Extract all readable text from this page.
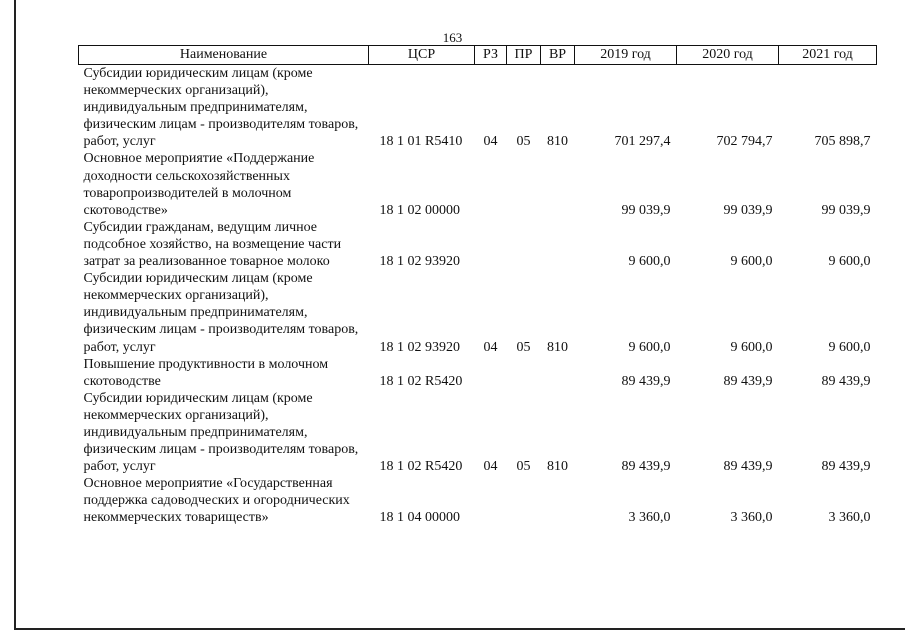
163
Наименование	ЦСР	РЗ	ПР	ВР	2019 год	2020 год	2021 год
Субсидии юридическим лицам (кроме некоммерческих организаций), индивидуальным предпринимателям, физическим лицам - производителям товаров, работ, услуг	18 1 01 R5410	04	05	810	701 297,4	702 794,7	705 898,7
Основное мероприятие «Поддержание доходности сельскохозяйственных товаропроизводителей в молочном скотоводстве»	18 1 02 00000				99 039,9	99 039,9	99 039,9
Субсидии гражданам, ведущим личное подсобное хозяйство, на возмещение части затрат за реализованное товарное молоко	18 1 02 93920				9 600,0	9 600,0	9 600,0
Субсидии юридическим лицам (кроме некоммерческих организаций), индивидуальным предпринимателям, физическим лицам - производителям товаров, работ, услуг	18 1 02 93920	04	05	810	9 600,0	9 600,0	9 600,0
Повышение продуктивности в молочном скотоводстве	18 1 02 R5420				89 439,9	89 439,9	89 439,9
Субсидии юридическим лицам (кроме некоммерческих организаций), индивидуальным предпринимателям, физическим лицам - производителям товаров, работ, услуг	18 1 02 R5420	04	05	810	89 439,9	89 439,9	89 439,9
Основное мероприятие «Государственная поддержка садоводческих и огороднических некоммерческих товариществ»	18 1 04 00000				3 360,0	3 360,0	3 360,0
